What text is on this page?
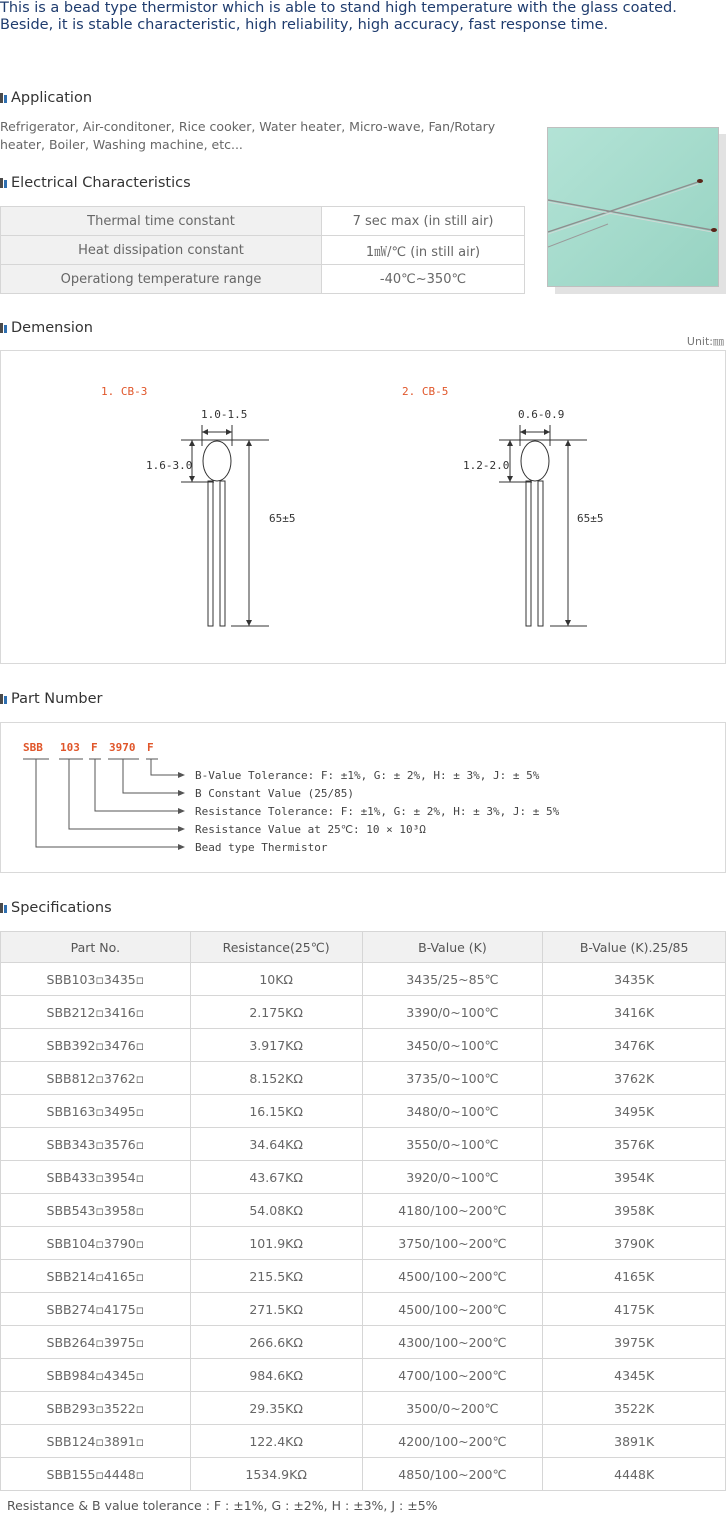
This is a bead type thermistor which is able to stand high temperature with the glass coated.
Beside, it is stable characteristic, high reliability, high accuracy, fast response time.
Application
Refrigerator, Air-conditoner, Rice cooker, Water heater, Micro-wave, Fan/Rotary heater, Boiler, Washing machine, etc...
Electrical Characteristics
Thermal time constant	7 sec max (in still air)
Heat dissipation constant	1㎽/℃ (in still air)
Operationg temperature range	-40℃~350℃
Demension
Unit:㎜
1. CB-3
1.0-1.5
1.6-3.0
65±5
2. CB-5
0.6-0.9
1.2-2.0
65±5
Part Number
SBB 103 F 3970 F
B-Value Tolerance: F: ±1%, G: ± 2%, H: ± 3%, J: ± 5%
B Constant Value (25/85)
Resistance Tolerance: F: ±1%, G: ± 2%, H: ± 3%, J: ± 5%
Resistance Value at 25℃: 10 × 10³Ω
Bead type Thermistor
Specifications
Part No.	Resistance(25℃)	B-Value (K)	B-Value (K).25/85
SBB103▫3435▫	10KΩ	3435/25~85℃	3435K
SBB212▫3416▫	2.175KΩ	3390/0~100℃	3416K
SBB392▫3476▫	3.917KΩ	3450/0~100℃	3476K
SBB812▫3762▫	8.152KΩ	3735/0~100℃	3762K
SBB163▫3495▫	16.15KΩ	3480/0~100℃	3495K
SBB343▫3576▫	34.64KΩ	3550/0~100℃	3576K
SBB433▫3954▫	43.67KΩ	3920/0~100℃	3954K
SBB543▫3958▫	54.08KΩ	4180/100~200℃	3958K
SBB104▫3790▫	101.9KΩ	3750/100~200℃	3790K
SBB214▫4165▫	215.5KΩ	4500/100~200℃	4165K
SBB274▫4175▫	271.5KΩ	4500/100~200℃	4175K
SBB264▫3975▫	266.6KΩ	4300/100~200℃	3975K
SBB984▫4345▫	984.6KΩ	4700/100~200℃	4345K
SBB293▫3522▫	29.35KΩ	3500/0~200℃	3522K
SBB124▫3891▫	122.4KΩ	4200/100~200℃	3891K
SBB155▫4448▫	1534.9KΩ	4850/100~200℃	4448K
Resistance & B value tolerance : F : ±1%, G : ±2%, H : ±3%, J : ±5%
